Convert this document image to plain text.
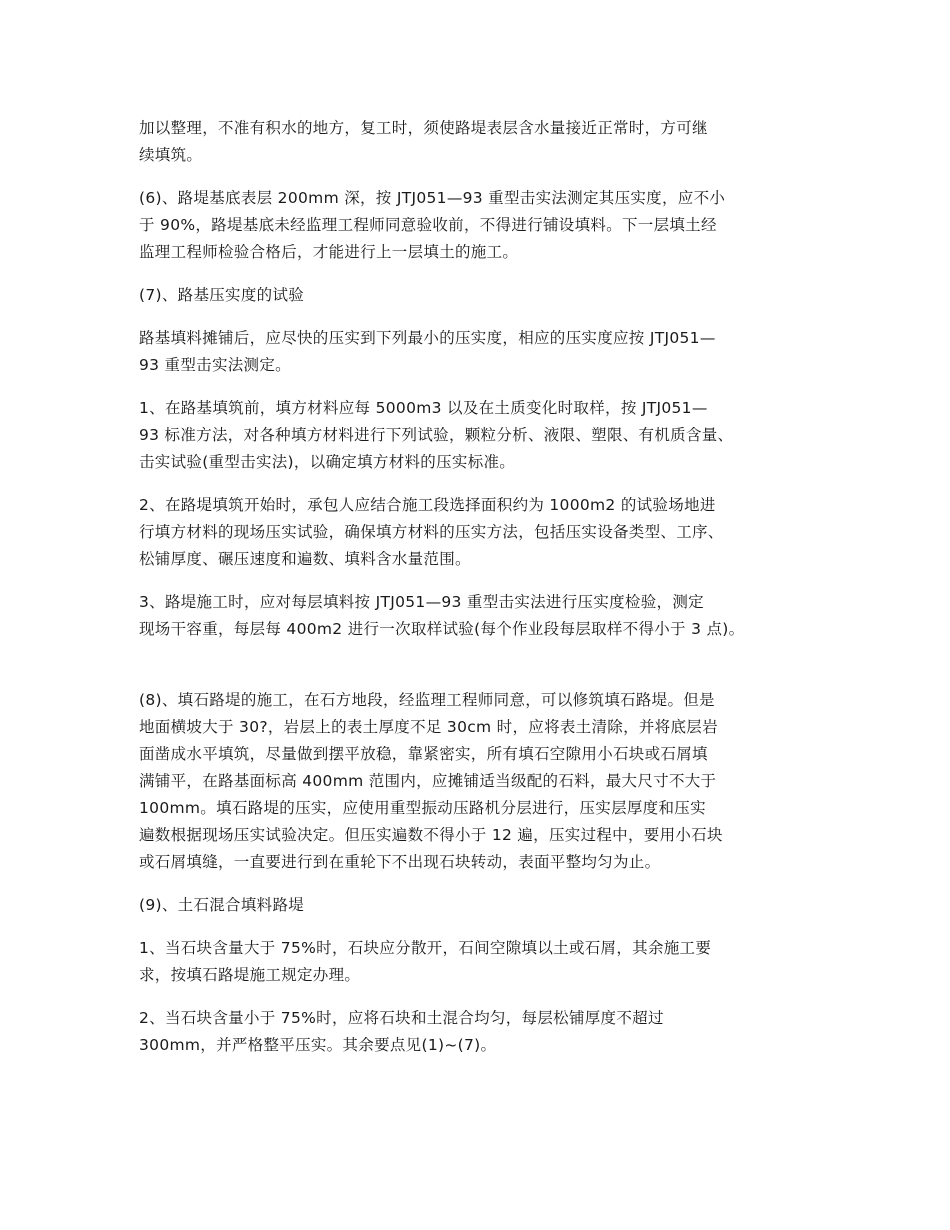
加以整理，不准有积水的地方，复工时，须使路堤表层含水量接近正常时，方可继
续填筑。

(6)、路堤基底表层 200mm 深，按 JTJ051—93 重型击实法测定其压实度，应不小
于 90%，路堤基底未经监理工程师同意验收前，不得进行铺设填料。下一层填土经
监理工程师检验合格后，才能进行上一层填土的施工。

(7)、路基压实度的试验

路基填料摊铺后，应尽快的压实到下列最小的压实度，相应的压实度应按 JTJ051—
93 重型击实法测定。

1、在路基填筑前，填方材料应每 5000m3 以及在土质变化时取样，按 JTJ051—
93 标准方法，对各种填方材料进行下列试验，颗粒分析、液限、塑限、有机质含量、
击实试验(重型击实法)，以确定填方材料的压实标准。

2、在路堤填筑开始时，承包人应结合施工段选择面积约为 1000m2 的试验场地进
行填方材料的现场压实试验，确保填方材料的压实方法，包括压实设备类型、工序、
松铺厚度、碾压速度和遍数、填料含水量范围。

3、路堤施工时，应对每层填料按 JTJ051—93 重型击实法进行压实度检验，测定
现场干容重，每层每 400m2 进行一次取样试验(每个作业段每层取样不得小于 3 点)。

(8)、填石路堤的施工，在石方地段，经监理工程师同意，可以修筑填石路堤。但是
地面横坡大于 30?，岩层上的表土厚度不足 30cm 时，应将表土清除，并将底层岩
面凿成水平填筑，尽量做到摆平放稳，靠紧密实，所有填石空隙用小石块或石屑填
满铺平，在路基面标高 400mm 范围内，应摊铺适当级配的石料，最大尺寸不大于
100mm。填石路堤的压实，应使用重型振动压路机分层进行，压实层厚度和压实
遍数根据现场压实试验决定。但压实遍数不得小于 12 遍，压实过程中，要用小石块
或石屑填缝，一直要进行到在重轮下不出现石块转动，表面平整均匀为止。

(9)、土石混合填料路堤

1、当石块含量大于 75%时，石块应分散开，石间空隙填以土或石屑，其余施工要
求，按填石路堤施工规定办理。

2、当石块含量小于 75%时，应将石块和土混合均匀，每层松铺厚度不超过
300mm，并严格整平压实。其余要点见(1)~(7)。
